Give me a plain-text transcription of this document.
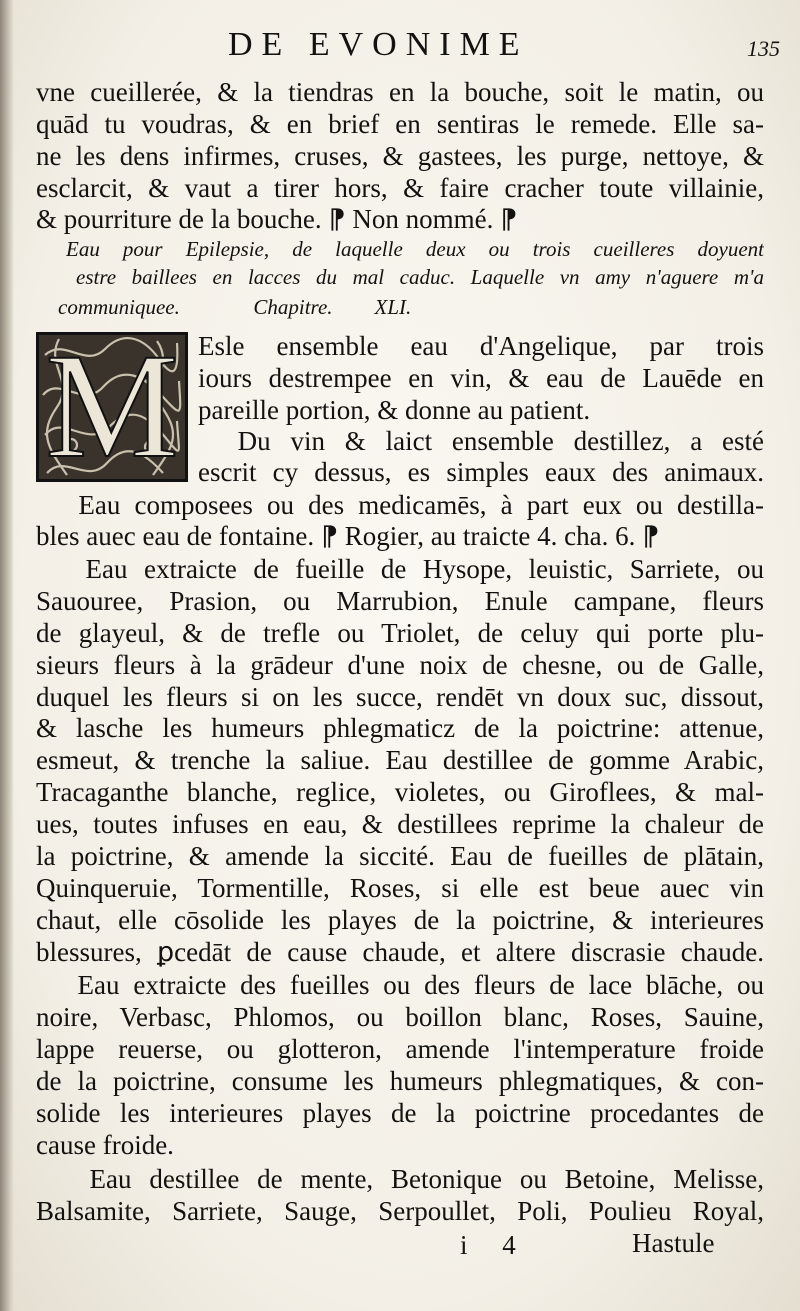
DE EVONIME	135
vne cueillerée, & la tiendras en la bouche, soit le matin, ou
quād tu voudras, & en brief en sentiras le remede. Elle sa-
ne les dens infirmes, cruses, & gastees, les purge, nettoye, &
esclarcit, & vaut a tirer hors, & faire cracher toute villainie,
& pourriture de la bouche. ⁋ Non nommé. ⁋
Eau pour Epilepsie, de laquelle deux ou trois cueilleres doyuent
estre baillees en lacces du mal caduc. Laquelle vn amy n'aguere m'a
communiquee.              Chapitre.        XLI.
M Esle ensemble eau d'Angelique, par trois
iours destrempee en vin, & eau de Lauēde en
pareille portion, & donne au patient.
Du vin & laict ensemble destillez, a esté
escrit cy dessus, es simples eaux des animaux.
Eau composees ou des medicamēs, à part eux ou destilla-
bles auec eau de fontaine. ⁋ Rogier, au traicte 4. cha. 6. ⁋
Eau extraicte de fueille de Hysope, leuistic, Sarriete, ou
Sauouree, Prasion, ou Marrubion, Enule campane, fleurs
de glayeul, & de trefle ou Triolet, de celuy qui porte plu-
sieurs fleurs à la grādeur d'une noix de chesne, ou de Galle,
duquel les fleurs si on les succe, rendēt vn doux suc, dissout,
& lasche les humeurs phlegmaticz de la poictrine: attenue,
esmeut, & trenche la saliue. Eau destillee de gomme Arabic,
Tracaganthe blanche, reglice, violetes, ou Giroflees, & mal-
ues, toutes infuses en eau, & destillees reprime la chaleur de
la poictrine, & amende la siccité. Eau de fueilles de plātain,
Quinqueruie, Tormentille, Roses, si elle est beue auec vin
chaut, elle cōsolide les playes de la poictrine, & interieures
blessures, ꝑcedāt de cause chaude, et altere discrasie chaude.
Eau extraicte des fueilles ou des fleurs de lace blāche, ou
noire, Verbasc, Phlomos, ou boillon blanc, Roses, Sauine,
lappe reuerse, ou glotteron, amende l'intemperature froide
de la poictrine, consume les humeurs phlegmatiques, & con-
solide les interieures playes de la poictrine procedantes de
cause froide.
Eau destillee de mente, Betonique ou Betoine, Melisse,
Balsamite, Sarriete, Sauge, Serpoullet, Poli, Poulieu Royal,
i 4	Hastule
